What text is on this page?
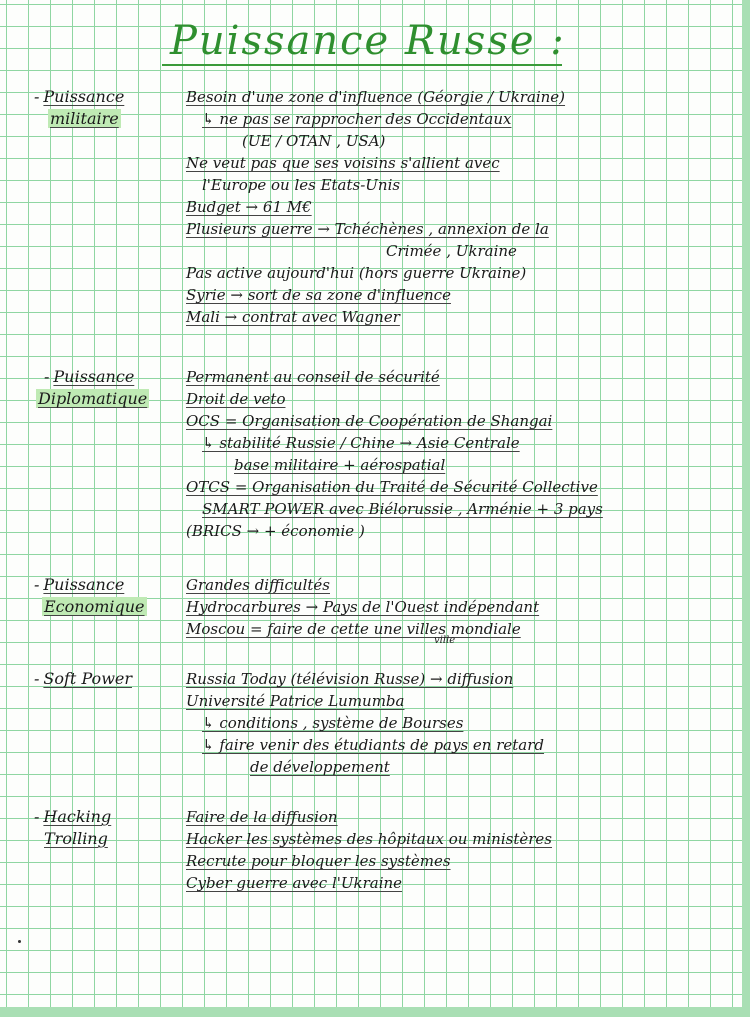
Puissance Russe :
- Puissance
militaire
Besoin d'une zone d'influence (Géorgie / Ukraine)
↳ ne pas se rapprocher des Occidentaux
(UE / OTAN , USA)
Ne veut pas que ses voisins s'allient avec
l'Europe ou les Etats-Unis
Budget → 61 M€
Plusieurs guerre → Tchéchènes , annexion de la
Crimée , Ukraine
Pas active aujourd'hui (hors guerre Ukraine)
Syrie → sort de sa zone d'influence
Mali → contrat avec Wagner
- Puissance
Diplomatique
Permanent au conseil de sécurité
Droit de veto
OCS = Organisation de Coopération de Shangai
↳ stabilité Russie / Chine → Asie Centrale
base militaire + aérospatial
OTCS = Organisation du Traité de Sécurité Collective
SMART POWER avec Biélorussie , Arménie + 3 pays
(BRICS → + économie )
- Puissance
Economique
Grandes difficultés
Hydrocarbures → Pays de l'Ouest indépendant
Moscou = faire de cette une villes mondiale
ville
- Soft Power	Russia Today (télévision Russe) → diffusion
Université Patrice Lumumba
↳ conditions , système de Bourses
↳ faire venir des étudiants de pays en retard
de développement
- Hacking
Trolling
Faire de la diffusion
Hacker les systèmes des hôpitaux ou ministères
Recrute pour bloquer les systèmes
Cyber guerre avec l'Ukraine
